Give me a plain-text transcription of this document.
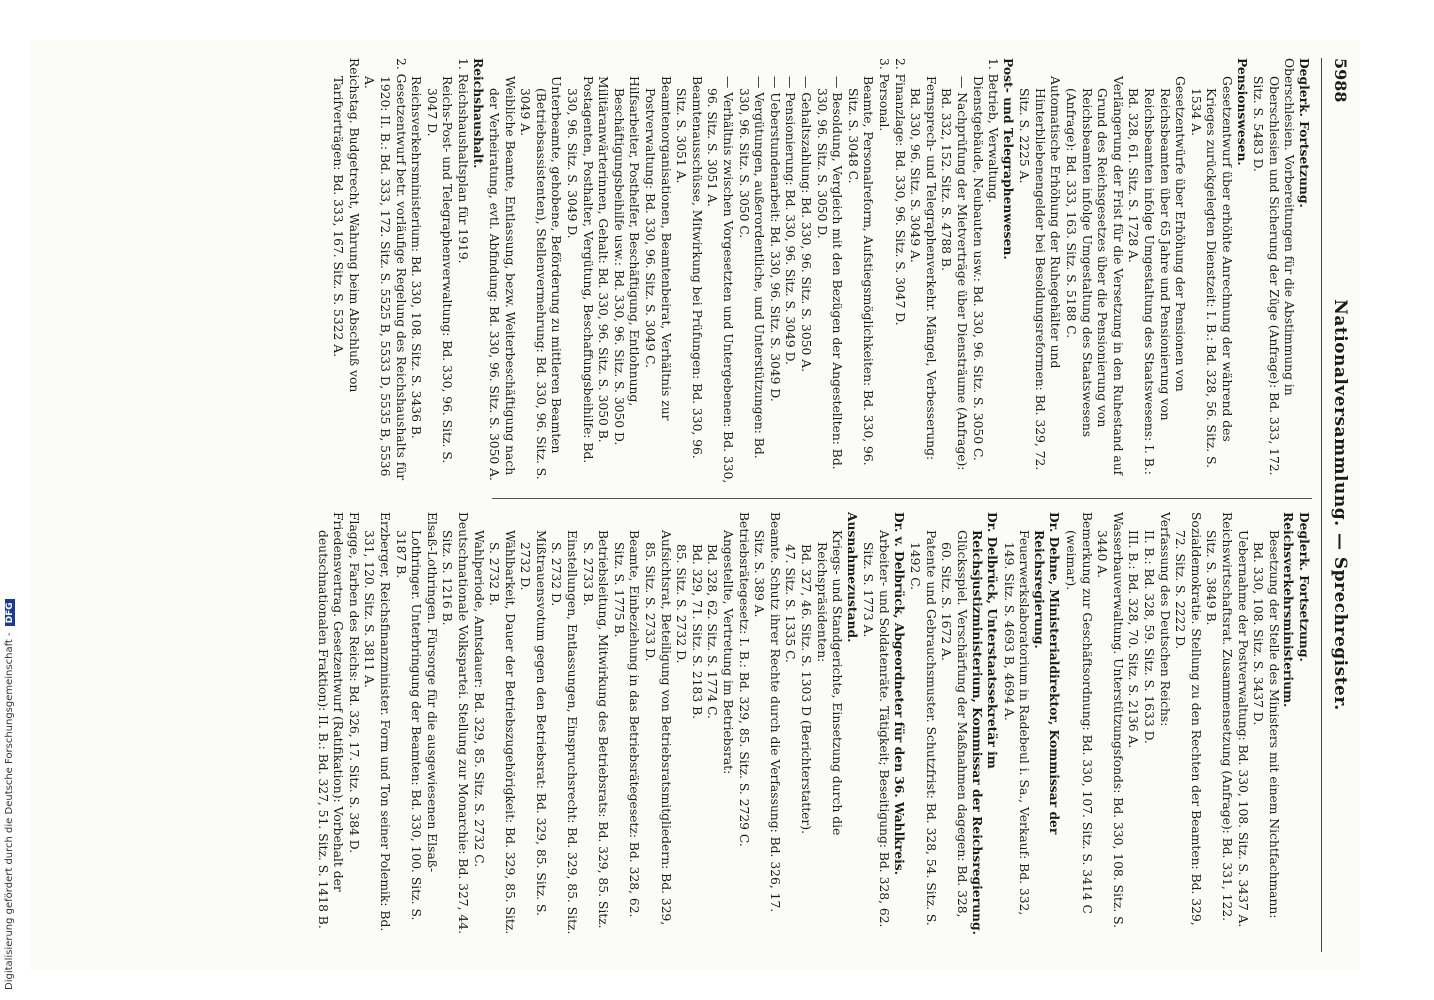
5988
Nationalversammlung. — Sprechregister.

Deglerk. Fortsetzung.

Oberschlesien. Vorbereitungen für die Abstimmung in Oberschlesien und Sicherung der Züge (Anfrage): Bd. 333, 172. Sitz. S. 5483 D.

Pensionswesen.

Gesetzentwurf über erhöhte Anrechnung der während des Krieges zurückgelegten Dienstzeit: I. B.: Bd. 328, 56. Sitz. S. 1534 A.

Gesetzentwürfe über Erhöhung der Pensionen von Reichsbeamten über 65 Jahre und Pensionierung von Reichsbeamten infolge Umgestaltung des Staatswesens: I. B.: Bd. 328, 61. Sitz. S. 1728 A.

Verlängerung der Frist für die Versetzung in den Ruhestand auf Grund des Reichsgesetzes über die Pensionierung von Reichsbeamten infolge Umgestaltung des Staatswesens (Anfrage): Bd. 333, 163. Sitz. S. 5188 C.

Automatische Erhöhung der Ruhegehälter und Hinterbliebenengelder bei Besoldungsreformen: Bd. 329, 72. Sitz. S. 2225 A.

Post- und Telegraphenwesen.

1. Betrieb, Verwaltung.

Dienstgebäude, Neubauten usw.: Bd. 330, 96. Sitz. S. 3050 C.

— Nachprüfung der Mietverträge über Diensträume (Anfrage): Bd. 332, 152. Sitz. S. 4788 B.

Fernsprech- und Telegraphenverkehr. Mängel, Verbesserung: Bd. 330, 96. Sitz. S. 3049 A.

2. Finanzlage: Bd. 330, 96. Sitz. S. 3047 D.

3. Personal.

Beamte, Personalreform, Aufstiegsmöglichkeiten: Bd. 330, 96. Sitz. S. 3048 C.

— Besoldung, Vergleich mit den Bezügen der Angestellten: Bd. 330, 96. Sitz. S. 3050 D.

— Gehaltszahlung: Bd. 330, 96. Sitz. S. 3050 A.

— Pensionierung: Bd. 330, 96. Sitz. S. 3049 D.

— Ueberstundenarbeit: Bd. 330, 96. Sitz. S. 3049 D.

— Vergütungen, außerordentliche, und Unterstützungen: Bd. 330, 96. Sitz. S. 3050 C.

— Verhältnis zwischen Vorgesetzten und Untergebenen: Bd. 330, 96. Sitz. S. 3051 A.

Beamtenausschüsse, Mitwirkung bei Prüfungen: Bd. 330, 96. Sitz. S. 3051 A.

Beamtenorganisationen, Beamtenbeirat, Verhältnis zur Postverwaltung: Bd. 330, 96. Sitz. S. 3049 C.

Hilfsarbeiter, Posthelfer, Beschäftigung, Entlohnung, Beschäftigungsbeihilfe usw.: Bd. 330, 96. Sitz. S. 3050 D.

Militäranwärterinnen, Gehalt: Bd. 330, 96. Sitz. S. 3050 B.

Postagenten, Posthalter, Vergütung, Beschaffungsbeihilfe: Bd. 330, 96. Sitz. S. 3049 D.

Unterbeamte, gehobene, Beförderung zu mittleren Beamten (Betriebsassistenten), Stellenvermehrung: Bd. 330, 96. Sitz. S. 3049 A.

Weibliche Beamte, Entlassung, bezw. Weiterbeschäftigung nach der Verheiratung, evtl. Abfindung: Bd. 330, 96. Sitz. S. 3050 A.

Reichshaushalt.

1. Reichshaushaltsplan für 1919.

Reichs-Post- und Telegraphenverwaltung: Bd. 330, 96. Sitz. S. 3047 D.

Reichsverkehrsministerium: Bd. 330, 108. Sitz. S. 3436 B.

2. Gesetzentwurf betr. vorläufige Regelung des Reichshaushalts für 1920: II. B.: Bd. 333, 172. Sitz. S. 5525 B, 5533 D, 5535 B, 5536 A.

Reichstag. Budgetrecht, Wahrung beim Abschluß von Tarifverträgen: Bd. 333, 167. Sitz. S. 5322 A.

Deglerk. Fortsetzung.

Reichsverkehrsministerium.

Besetzung der Stelle des Ministers mit einem Nichtfachmann: Bd. 330, 108. Sitz. S. 3437 D.

Uebernahme der Postverwaltung: Bd. 330, 108. Sitz. S. 3437 A.

Reichswirtschaftsrat. Zusammensetzung (Anfrage): Bd. 331, 122. Sitz. S. 3849 B.

Sozialdemokratie. Stellung zu den Rechten der Beamten: Bd. 329, 72. Sitz. S. 2222 D.

Verfassung des Deutschen Reichs:

II. B.: Bd. 328, 59. Sitz. S. 1633 D.

III. B.: Bd. 328, 70. Sitz. S. 2136 A.

Wasserbauverwaltung. Unterstützungsfonds: Bd. 330, 108. Sitz. S. 3440 A.

Bemerkung zur Geschäftsordnung: Bd. 330, 107. Sitz. S. 3414 C (weimar).

Dr. Dehne, Ministerialdirektor, Kommissar der Reichsregierung.

Feuerwerkslaboratorium in Radebeul i. Sa., Verkauf: Bd. 332, 149. Sitz. S. 4693 B, 4694 A.

Dr. Delbrück, Unterstaatssekretär im Reichsjustizministerium, Kommissar der Reichsregierung.

Glücksspiel. Verschärfung der Maßnahmen dagegen: Bd. 328, 60. Sitz. S. 1672 A.

Patente und Gebrauchsmuster. Schutzfrist: Bd. 328, 54. Sitz. S. 1492 C.

Dr. v. Delbrück, Abgeordneter für den 36. Wahlkreis.

Arbeiter- und Soldatenräte. Tätigkeit; Beseitigung: Bd. 328, 62. Sitz. S. 1773 A.

Ausnahmezustand.

Kriegs- und Standgerichte, Einsetzung durch die Reichspräsidenten:

Bd. 327, 46. Sitz. S. 1303 D (Berichterstatter).

47. Sitz. S. 1335 C.

Beamte. Schutz ihrer Rechte durch die Verfassung: Bd. 326, 17. Sitz. S. 389 A.

Betriebsrätegesetz: I. B.: Bd. 329, 85. Sitz. S. 2729 C.

Angestellte, Vertretung im Betriebsrat:

Bd. 328, 62. Sitz. S. 1774 C.

Bd. 329, 71. Sitz. S. 2183 B.

85. Sitz. S. 2732 D.

Aufsichtsrat, Beteiligung von Betriebsratsmitgliedern: Bd. 329, 85. Sitz. S. 2733 D.

Beamte, Einbeziehung in das Betriebsrätegesetz: Bd. 328, 62. Sitz. S. 1775 B.

Betriebsleitung, Mitwirkung des Betriebsrats: Bd. 329, 85. Sitz. S. 2733 B.

Einstellungen, Entlassungen, Einspruchsrecht: Bd. 329, 85. Sitz. S. 2732 D.

Mißtrauensvotum gegen den Betriebsrat: Bd. 329, 85. Sitz. S. 2732 D.

Wählbarkeit, Dauer der Betriebszugehörigkeit: Bd. 329, 85. Sitz. S. 2732 B.

Wahlperiode, Amtsdauer: Bd. 329, 85. Sitz. S. 2732 C.

Deutschnationale Volkspartei. Stellung zur Monarchie: Bd. 327, 44. Sitz. S. 1216 B.

Elsaß-Lothringen. Fürsorge für die ausgewiesenen Elsaß-Lothringer. Unterbringung der Beamten: Bd. 330, 100. Sitz. S. 3187 B.

Erzberger, Reichsfinanzminister. Form und Ton seiner Polemik: Bd. 331, 120. Sitz. S. 3811 A.

Flagge, Farben des Reichs: Bd. 326, 17. Sitz. S. 384 D.

Friedensvertrag. Gesetzentwurf (Ratifikation): Vorbehalt der deutschnationalen Fraktion): II. B.: Bd. 327, 51. Sitz. S. 1418 B.

Digitalisierung gefördert durch die Deutsche Forschungsgemeinschaft -DFG
